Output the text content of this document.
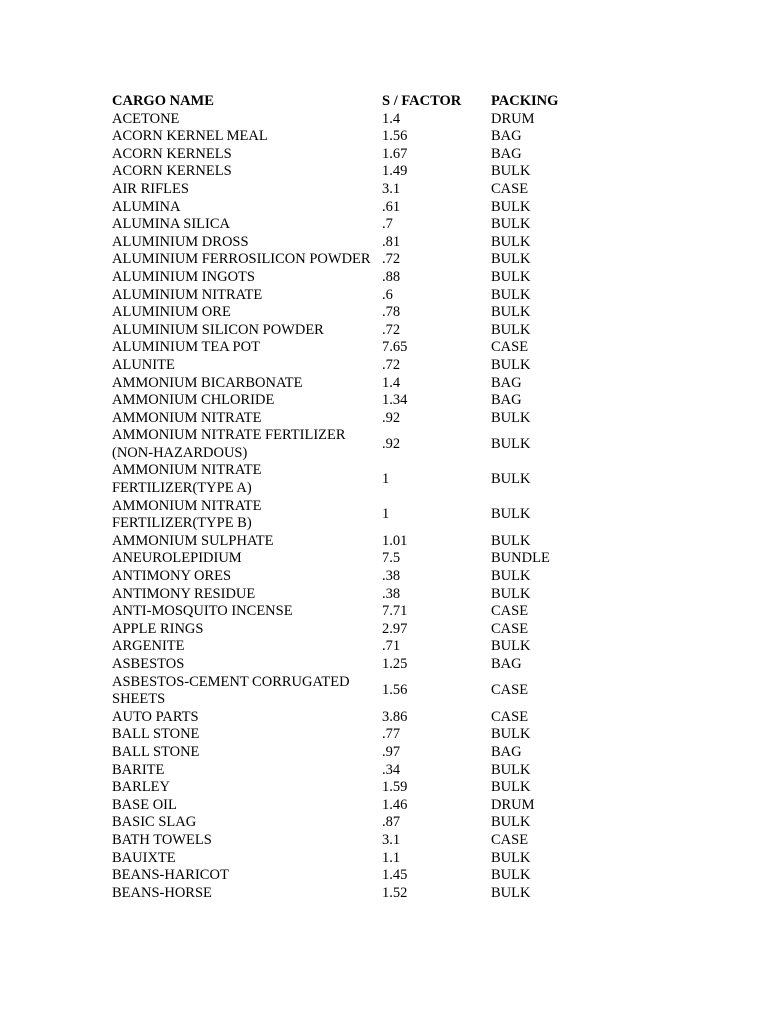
CARGO NAME	S / FACTOR	PACKING
ACETONE	1.4	DRUM
ACORN KERNEL MEAL	1.56	BAG
ACORN KERNELS	1.67	BAG
ACORN KERNELS	1.49	BULK
AIR RIFLES	3.1	CASE
ALUMINA	.61	BULK
ALUMINA SILICA	.7	BULK
ALUMINIUM DROSS	.81	BULK
ALUMINIUM FERROSILICON POWDER	.72	BULK
ALUMINIUM INGOTS	.88	BULK
ALUMINIUM NITRATE	.6	BULK
ALUMINIUM ORE	.78	BULK
ALUMINIUM SILICON POWDER	.72	BULK
ALUMINIUM TEA POT	7.65	CASE
ALUNITE	.72	BULK
AMMONIUM BICARBONATE	1.4	BAG
AMMONIUM CHLORIDE	1.34	BAG
AMMONIUM NITRATE	.92	BULK
AMMONIUM NITRATE FERTILIZER (NON-HAZARDOUS)	.92	BULK
AMMONIUM NITRATE FERTILIZER(TYPE A)	1	BULK
AMMONIUM NITRATE FERTILIZER(TYPE B)	1	BULK
AMMONIUM SULPHATE	1.01	BULK
ANEUROLEPIDIUM	7.5	BUNDLE
ANTIMONY ORES	.38	BULK
ANTIMONY RESIDUE	.38	BULK
ANTI-MOSQUITO INCENSE	7.71	CASE
APPLE RINGS	2.97	CASE
ARGENITE	.71	BULK
ASBESTOS	1.25	BAG
ASBESTOS-CEMENT CORRUGATED SHEETS	1.56	CASE
AUTO PARTS	3.86	CASE
BALL STONE	.77	BULK
BALL STONE	.97	BAG
BARITE	.34	BULK
BARLEY	1.59	BULK
BASE OIL	1.46	DRUM
BASIC SLAG	.87	BULK
BATH TOWELS	3.1	CASE
BAUIXTE	1.1	BULK
BEANS-HARICOT	1.45	BULK
BEANS-HORSE	1.52	BULK
